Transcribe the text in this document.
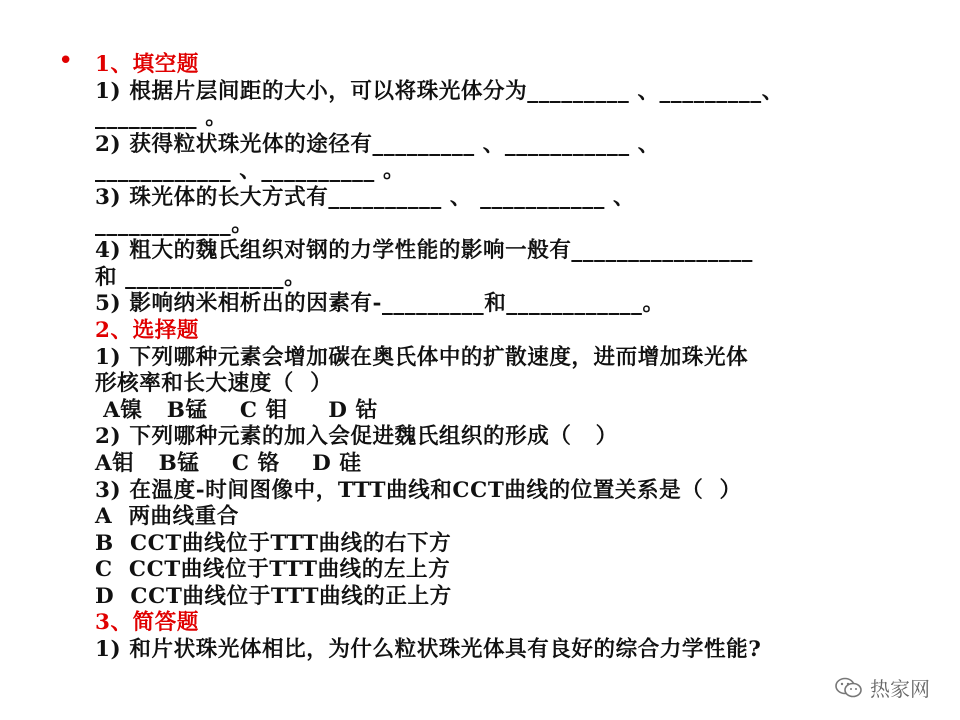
• 1、填空题
1) 根据片层间距的大小，可以将珠光体分为_________ 、_________、
_________ 。
2) 获得粒状珠光体的途径有_________ 、___________ 、
____________ 、__________ 。
3) 珠光体的长大方式有__________ 、 ___________ 、
____________。
4) 粗大的魏氏组织对钢的力学性能的影响一般有________________
和 ______________。
5) 影响纳米相析出的因素有-_________和____________。
2、选择题
1) 下列哪种元素会增加碳在奥氏体中的扩散速度，进而增加珠光体
形核率和长大速度（  ）
A镍   B锰    C 钼     D 钴
2) 下列哪种元素的加入会促进魏氏组织的形成（   ）
A钼   B锰    C 铬    D 硅
3) 在温度-时间图像中，TTT曲线和CCT曲线的位置关系是（  ）
A  两曲线重合
B  CCT曲线位于TTT曲线的右下方
C  CCT曲线位于TTT曲线的左上方
D  CCT曲线位于TTT曲线的正上方
3、简答题
1) 和片状珠光体相比，为什么粒状珠光体具有良好的综合力学性能?
热家网
